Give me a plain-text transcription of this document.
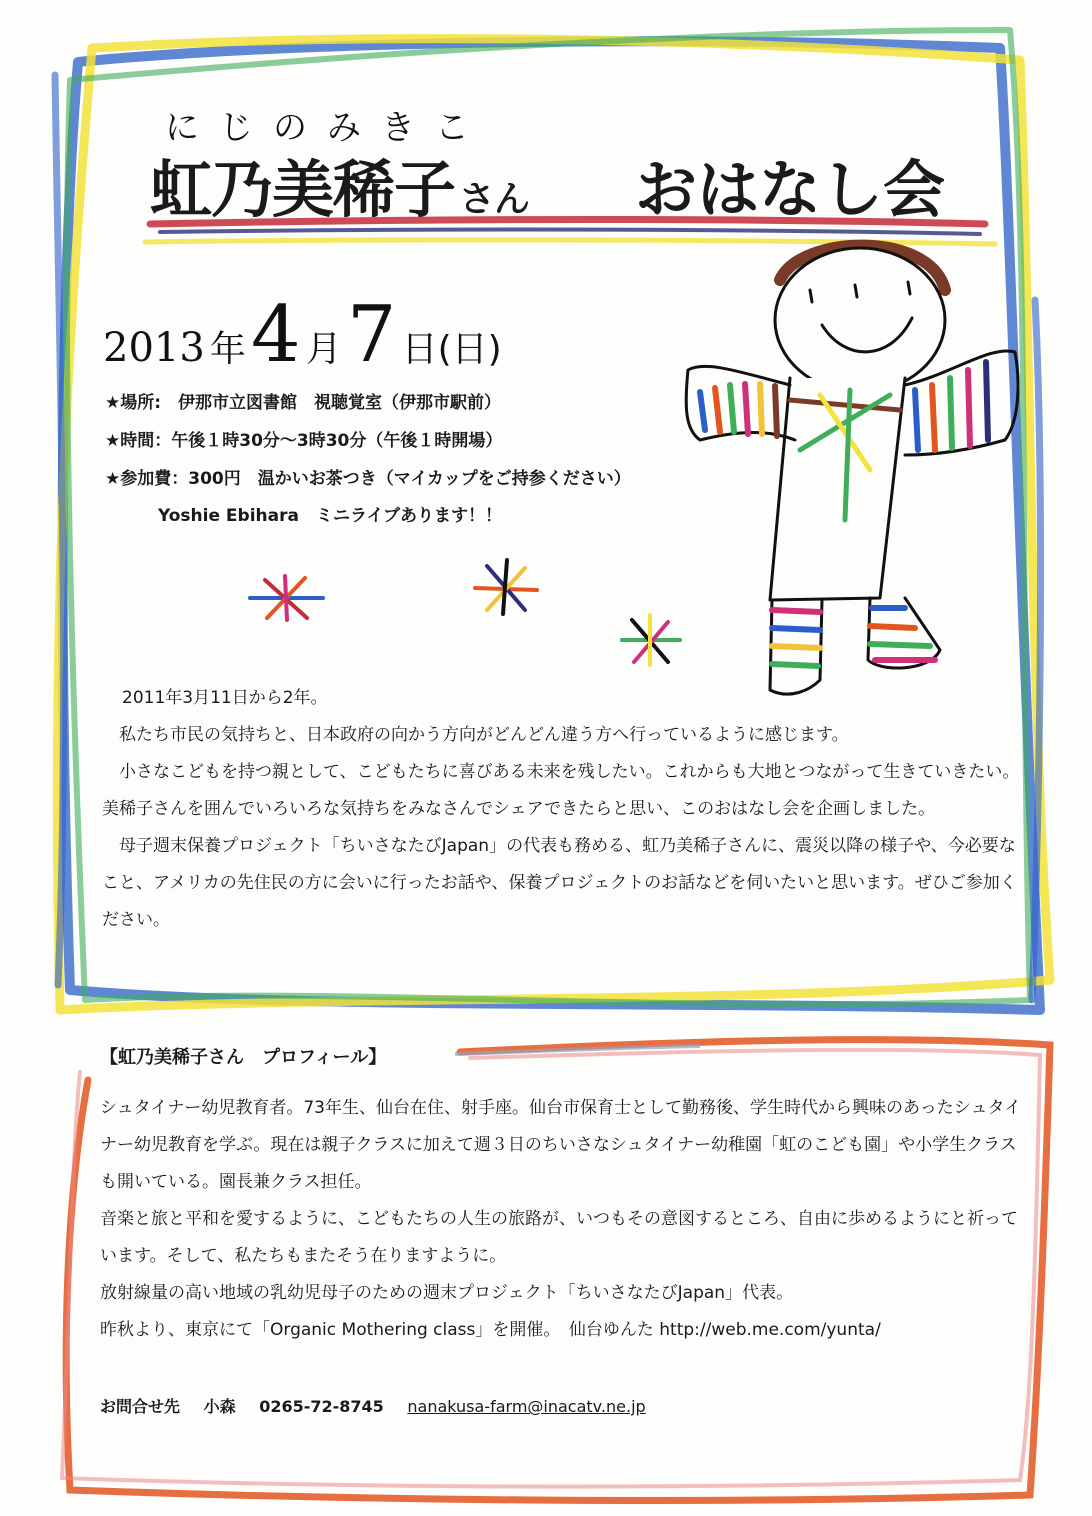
にじのみきこ
虹乃美稀子 さん おはなし会
2013 年 4 月 7 日(日)
★場所:　伊那市立図書館　視聴覚室（伊那市駅前）
★時間：午後１時30分～3時30分（午後１時開場）
★参加費：300円　温かいお茶つき（マイカップをご持参ください）
Yoshie Ebihara　ミニライブあります！！

2011年3月11日から2年。

　私たち市民の気持ちと、日本政府の向かう方向がどんどん違う方へ行っているように感じます。

　小さなこどもを持つ親として、こどもたちに喜びある未来を残したい。これからも大地とつながって生きていきたい。美稀子さんを囲んでいろいろな気持ちをみなさんでシェアできたらと思い、このおはなし会を企画しました。

　母子週末保養プロジェクト「ちいさなたびJapan」の代表も務める、虹乃美稀子さんに、震災以降の様子や、今必要なこと、アメリカの先住民の方に会いに行ったお話や、保養プロジェクトのお話などを伺いたいと思います。ぜひご参加ください。

【虹乃美稀子さん　プロフィール】

シュタイナー幼児教育者。73年生、仙台在住、射手座。仙台市保育士として勤務後、学生時代から興味のあったシュタイナー幼児教育を学ぶ。現在は親子クラスに加えて週３日のちいさなシュタイナー幼稚園「虹のこども園」や小学生クラスも開いている。園長兼クラス担任。

音楽と旅と平和を愛するように、こどもたちの人生の旅路が、いつもその意図するところ、自由に歩めるようにと祈っています。そして、私たちもまたそう在りますように。

放射線量の高い地域の乳幼児母子のための週末プロジェクト「ちいさなたびJapan」代表。

昨秋より、東京にて「Organic Mothering class」を開催。　仙台ゆんた http://web.me.com/yunta/

お問合せ先 小森 0265-72-8745 nanakusa-farm@inacatv.ne.jp
